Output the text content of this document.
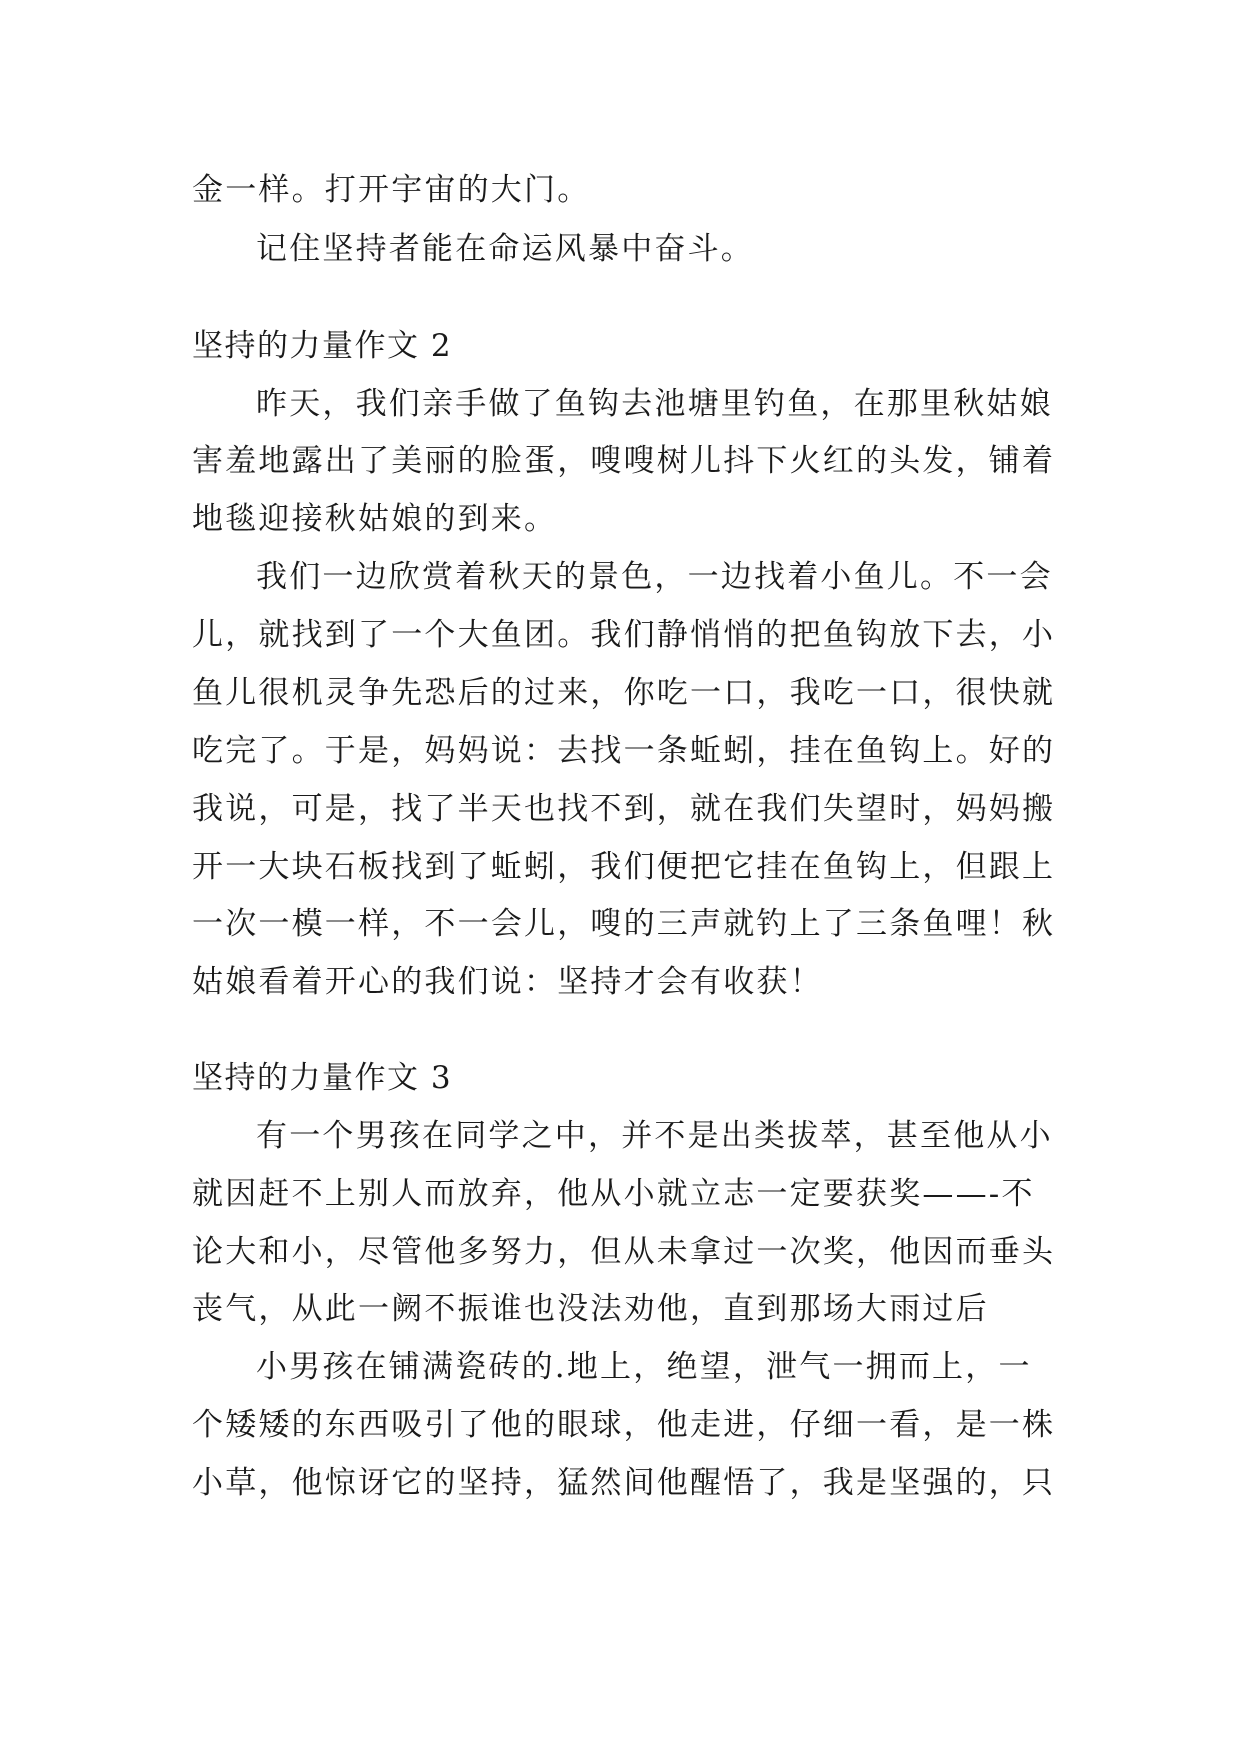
金一样。打开宇宙的大门。
记住坚持者能在命运风暴中奋斗。
坚持的力量作文 2
昨天，我们亲手做了鱼钩去池塘里钓鱼，在那里秋姑娘
害羞地露出了美丽的脸蛋，嗖嗖树儿抖下火红的头发，铺着
地毯迎接秋姑娘的到来。
我们一边欣赏着秋天的景色，一边找着小鱼儿。不一会
儿，就找到了一个大鱼团。我们静悄悄的把鱼钩放下去，小
鱼儿很机灵争先恐后的过来，你吃一口，我吃一口，很快就
吃完了。于是，妈妈说：去找一条蚯蚓，挂在鱼钩上。好的
我说，可是，找了半天也找不到，就在我们失望时，妈妈搬
开一大块石板找到了蚯蚓，我们便把它挂在鱼钩上，但跟上
一次一模一样，不一会儿，嗖的三声就钓上了三条鱼哩！秋
姑娘看着开心的我们说：坚持才会有收获！
坚持的力量作文 3
有一个男孩在同学之中，并不是出类拔萃，甚至他从小
就因赶不上别人而放弃，他从小就立志一定要获奖——-不
论大和小，尽管他多努力，但从未拿过一次奖，他因而垂头
丧气，从此一阙不振谁也没法劝他，直到那场大雨过后
小男孩在铺满瓷砖的.地上，绝望，泄气一拥而上，一
个矮矮的东西吸引了他的眼球，他走进，仔细一看，是一株
小草，他惊讶它的坚持，猛然间他醒悟了，我是坚强的，只
